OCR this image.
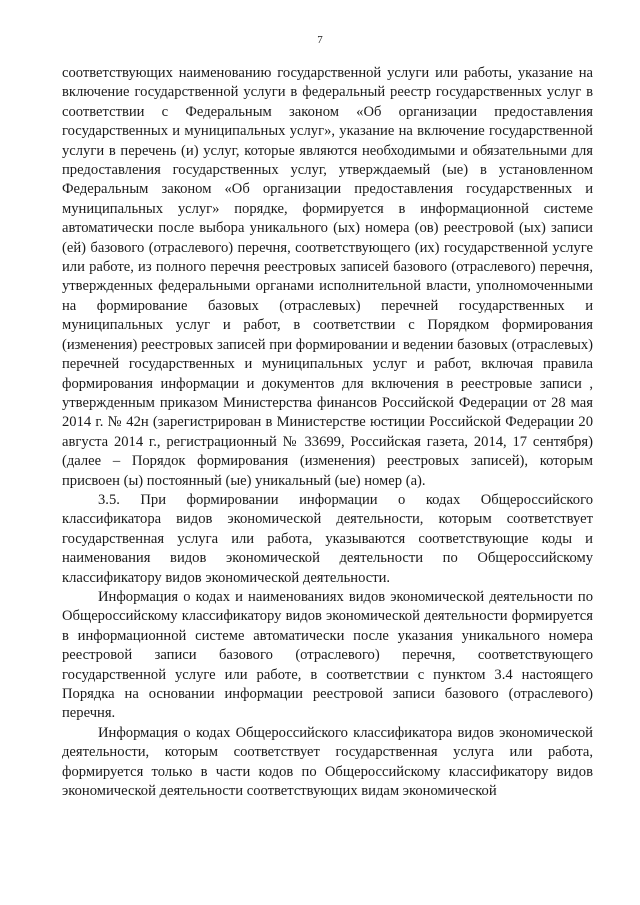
7

соответствующих наименованию государственной услуги или работы, указание на включение государственной услуги в федеральный реестр государственных услуг в соответствии с Федеральным законом «Об организации предоставления государственных и муниципальных услуг», указание на включение государственной услуги в перечень (и) услуг, которые являются необходимыми и обязательными для предоставления государственных услуг, утверждаемый (ые) в установленном Федеральным законом «Об организации предоставления государственных и муниципальных услуг» порядке, формируется в информационной системе автоматически после выбора уникального (ых) номера (ов) реестровой (ых) записи (ей) базового (отраслевого) перечня, соответствующего (их) государственной услуге или работе, из полного перечня реестровых записей базового (отраслевого) перечня, утвержденных федеральными органами исполнительной власти, уполномоченными на формирование базовых (отраслевых) перечней государственных и муниципальных услуг и работ, в соответствии с Порядком формирования (изменения) реестровых записей при формировании и ведении базовых (отраслевых) перечней государственных и муниципальных услуг и работ, включая правила формирования информации и документов для включения в реестровые записи , утвержденным приказом Министерства финансов Российской Федерации от 28 мая 2014 г. № 42н (зарегистрирован в Министерстве юстиции Российской Федерации 20 августа 2014 г., регистрационный № 33699, Российская газета, 2014, 17 сентября) (далее – Порядок формирования (изменения) реестровых записей), которым присвоен (ы) постоянный (ые) уникальный (ые) номер (а).

3.5. При формировании информации о кодах Общероссийского классификатора видов экономической деятельности, которым соответствует государственная услуга или работа, указываются соответствующие коды и наименования видов экономической деятельности по Общероссийскому классификатору видов экономической деятельности.

Информация о кодах и наименованиях видов экономической деятельности по Общероссийскому классификатору видов экономической деятельности формируется в информационной системе автоматически после указания уникального номера реестровой записи базового (отраслевого) перечня, соответствующего государственной услуге или работе, в соответствии с пунктом 3.4 настоящего Порядка на основании информации реестровой записи базового (отраслевого) перечня.

Информация о кодах Общероссийского классификатора видов экономической деятельности, которым соответствует государственная услуга или работа, формируется только в части кодов по Общероссийскому классификатору видов экономической деятельности соответствующих видам экономической
